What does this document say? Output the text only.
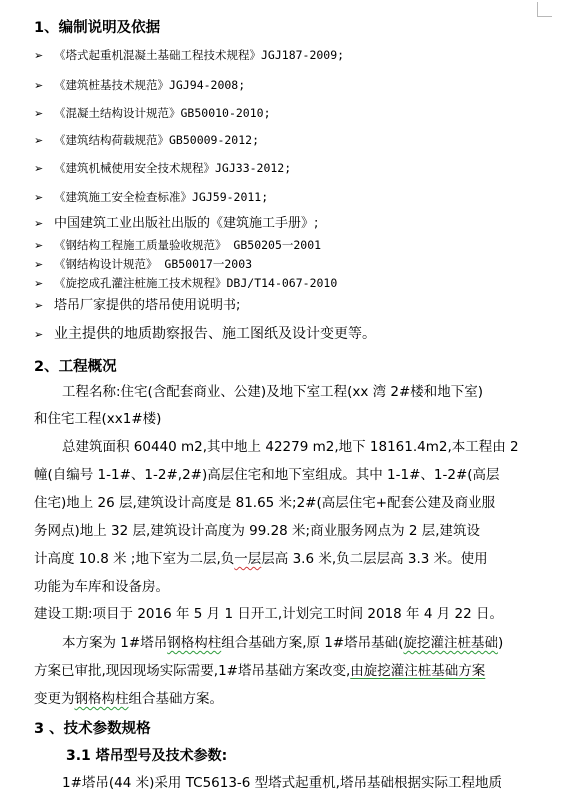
1、编制说明及依据
➢ 《塔式起重机混凝土基础工程技术规程》JGJ187-2009;
➢ 《建筑桩基技术规范》JGJ94-2008;
➢ 《混凝土结构设计规范》GB50010-2010;
➢ 《建筑结构荷载规范》GB50009-2012;
➢ 《建筑机械使用安全技术规程》JGJ33-2012;
➢ 《建筑施工安全检查标准》JGJ59-2011;
➢ 中国建筑工业出版社出版的《建筑施工手册》;
➢ 《钢结构工程施工质量验收规范》 GB50205一2001
➢ 《钢结构设计规范》 GB50017一2003
➢ 《旋挖成孔灌注桩施工技术规程》DBJ/T14-067-2010
➢ 塔吊厂家提供的塔吊使用说明书;
➢ 业主提供的地质勘察报告、施工图纸及设计变更等。
2、工程概况
工程名称:住宅(含配套商业、公建)及地下室工程(xx 湾 2#楼和地下室)
和住宅工程(xx1#楼)
总建筑面积 60440 m2,其中地上 42279 m2,地下 18161.4m2,本工程由 2
幢(自编号 1-1#、1-2#,2#)高层住宅和地下室组成。其中 1-1#、1-2#(高层
住宅)地上 26 层,建筑设计高度是 81.65 米;2#(高层住宅+配套公建及商业服
务网点)地上 32 层,建筑设计高度为 99.28 米;商业服务网点为 2 层,建筑设
计高度 10.8 米 ;地下室为二层,负一层层高 3.6 米,负二层层高 3.3 米。使用
功能为车库和设备房。
建设工期:项目于 2016 年 5 月 1 日开工,计划完工时间 2018 年 4 月 22 日。
本方案为 1#塔吊钢格构柱组合基础方案,原 1#塔吊基础(旋挖灌注桩基础)
方案已审批,现因现场实际需要,1#塔吊基础方案改变,由旋挖灌注桩基础方案
变更为钢格构柱组合基础方案。
3 、技术参数规格
3.1 塔吊型号及技术参数:
1#塔吊(44 米)采用 TC5613-6 型塔式起重机,塔吊基础根据实际工程地质
